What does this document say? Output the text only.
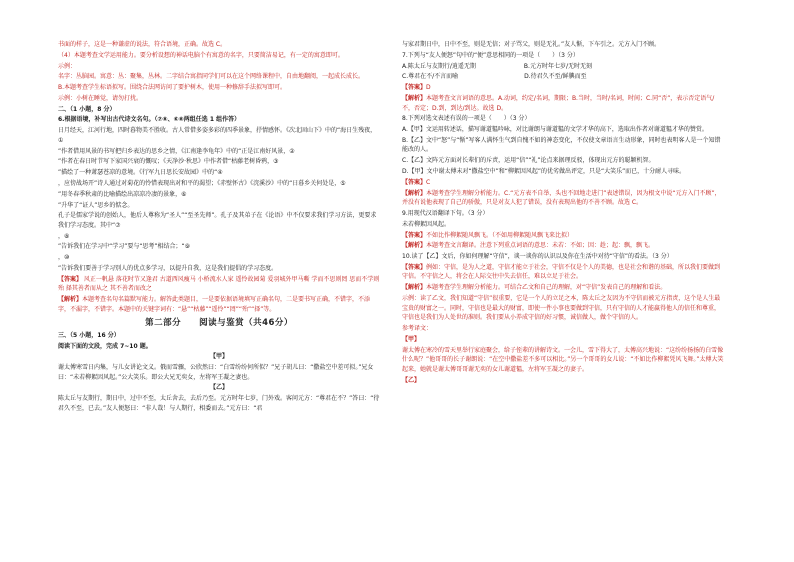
书面的样子，这是一种谦虚的说法，符合语境，正确。故选 C。

（4）本题考查文学运用能力。要分析设想的神话电脑个有寓意的名字，只要简洁易记，有一定的寓意即可。

示例：

名字：丛脑园。寓意：丛：聚集，丛林。二字结合寓指同学们可以在这个网络课程中，自由地翻阅，一起成长成长。

B.本题考查学生标语拟写。围绕合法网访问了要护树木，使用一种修辞手法拟写即可。

示例：小树在睡觉，请勿打扰。

二、（1 小题，8 分）

6.根据语境，补写出古代诗文名句。（⑦⑧、⑥⑧两组任选 1 组作答）

日月经天，江河行地，四时暮物美不胜收。古人常借多姿多彩的四季景象，抒情感怀。《次北固山下》中的“海日生残夜，①

”作者借用风景的书写把归乡表达的思乡之情，《江南逢李龟年》中的“正是江南好风景，②

”作者在春日时节写下家国兴衰的慨叹；《天净沙·秋思》中作者借“枯藤老树昏鸦，③

”描绘了一种萧瑟苍凉的意境。《行军九日思长安故园》中的“④

，应傍战场开”诗人通过对菊花的怜惜表现出对和平的渴望；《赤壁怀古》《浣溪沙》中的“日暮乡关何处是，⑤

”用冬春季秋肃的比喻描绘出凉凉冷凄的景象，⑥

”升华了“证人”思乡的惦念。

孔子是儒家学说的创始人，他后人尊称为“圣人”“至圣先师”。孔子及其弟子在《论语》中不仅要求我们学习方法，更要求我们学习态度。其中“⑦

，⑧

”告诉我们在学习中“学习”要与“思考”相结合；“⑨

，⑩

”告诉我们要善于学习别人的优点多学习，以提升自我，这是我们提倡的学习态度。

【答案】 风正一帆悬 落花时节又逢君 古道西风瘦马 小桥流水人家 遥怜故园菊 爱羽城外甲马嘶 学而不思则罔 思而不学则殆 择其善者而从之 其不善者而改之

【解析】本题考查名句名篇默写能力。解答此类题目，一是要依据语境填写正确名句，二是要书写正确，不错字，不添字，不漏字，不错字。本题中的关键字词有：“悬”“枯藤”“遥怜”“罔”“殆”“择”等。

第二部分　　阅读与鉴赏（共46分）

三、（5 小题，16 分）

阅读下面的文段，完成 7~10 题。

【甲】

谢太傅寒雪日内集，与儿女讲论文义。俄而雪骤，公欣然曰：“白雪纷纷何所似？”兄子胡儿曰：“撒盐空中差可拟。”兄女曰：“未若柳絮因风起。”公大笑乐。即公大兄无奕女，左将军王凝之妻也。

【乙】

陈太丘与友期行，期日中，过中不至，太丘舍去，去后乃至。元方时年七岁，门外戏。客问元方：“尊君在不？”答曰：“待君久不至，已去。”友人便怒曰：“非人哉！与人期行，相委而去。”元方曰：“君

与家君期日中，日中不至，则是无信；对子骂父，则是无礼。”友人惭，下车引之。元方入门不顾。

7.下列与“友人便怒”句中的“便”意思相同的一项是（　　）（3 分）

A.陈太丘与友期行/逍遥无期　　　　　　　　B.元方时年七岁/无时无刻

C.尊君在不/不言而喻　　　　　　　　　　　D.待君久不至/鲜腆而至

【答案】D

【解析】本题考查文言词语的意思。A.动词，约定/名词，期限；B.当时，当时/名词，时间；C.同“否”，表示否定语气/不，否定；D.到，到达/到达。故选 D。

8.下列对选文表述有误的一项是（　　）（3 分）

A.【甲】文运用转述话，描写谢道韫吟咏，对比谢朗与谢道韫的文学才华的高下，选取出作者对谢道韫才华的赞赏。

B.【乙】文中“怒”与“惭”写客人满怀生气到自愧不如的神态变化，不仅使文章语言生动形象，同时也表明客人是一个知错能改的人。

C.【乙】文阵元方面对长辈们的斥责，运用“信”“礼”论点来据理反驳，体现出元方的聪颖机智。

D.【甲】文中谢太傅未对“撒盐空中”和“柳絮因风起”的优劣做出评定，只是“大笑乐”而已，十分耐人寻味。

【答案】C

【解析】本题考查学生理解分析能力。C.“元方表不自举，头也不回地走进门”表述错误，因为根文中说“元方入门不顾”，并没有说他表现了自己的骄傲，只是对友人犯了错误，没有表现出他的不善不顾。故选 C。

9.用现代汉语翻译下句。（3 分）

未若柳絮因风起。

【答案】不如比作柳絮随风飘飞。（不如用柳絮随风飘飞来比拟）

【解析】本题考查文言翻译。注意下列重点词语的意思：未若：不如；因：趁；起：飘，飘飞。

10.读了【乙】文后，你如何理解“守信”，谈一谈你的认识以及你在生活中对待“守信”的看法。（3 分）

【答案】例如：守信，是为人之道，守信才能立于社会，守信不仅是个人的美德，也是社会和谐的基础，所以我们要做到守信。不守信之人，将会在人际交往中失去信任，难以立足于社会。

【解析】本题考查学生理解分析能力。可结合乙文和自己的理解，对“守信”发表自己的理解和看法。

示例：读了乙文，我们知道“守信”很重要，它是一个人的立足之本，陈太丘之友因为不守信而被元方指责，这个是人生最宝贵的财富之一。同时，守信也是最大的财富，即使一件小事也要做到守信，只有守信的人才能赢得他人的信任和尊重，守信也是我们为人处世的准则。我们要从小养成守信的好习惯，诚信做人，做个守信的人。

参考译文：

【甲】

谢太傅在寒冷的雪天里举行家庭聚会，给子侄辈的讲解诗文。一会儿，雪下得大了，太傅高兴地说：“这纷纷扬扬的白雪像什么呢？”他哥哥的长子谢朗说：“在空中撒盐差不多可以相比。”另一个哥哥的女儿说：“不如比作柳絮凭风飞舞。”太傅大笑起来，她就是谢太傅哥哥谢无奕的女儿谢道韫，左将军王凝之的妻子。

【乙】
